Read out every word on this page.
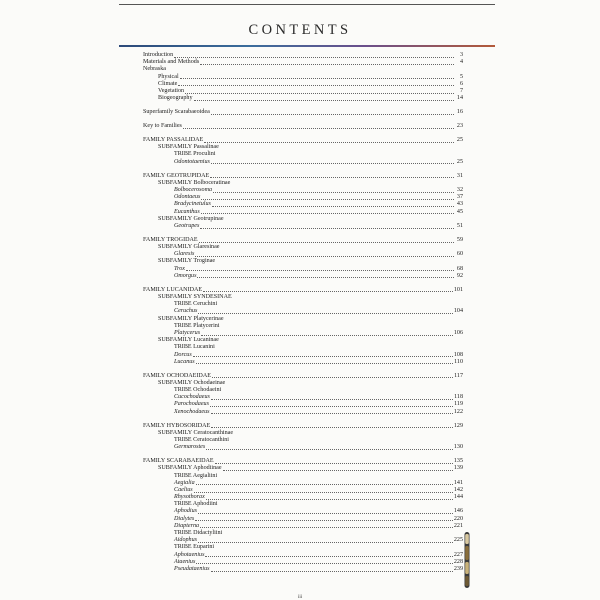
CONTENTS
Introduction	3
Materials and Methods	4
Nebraska
Physical	5
Climate	6
Vegetation	7
Biogeography	14
Superfamily Scarabaeoidea	16
Key to Families	23
FAMILY PASSALIDAE	25
SUBFAMILY Passalinae
TRIBE Proculini
Odontotaenius	25
FAMILY GEOTRUPIDAE	31
SUBFAMILY Bolboceratinae
Bolbocerosoma	32
Odontaeus	37
Bradycinetulus	43
Eucanthus	45
SUBFAMILY Geotrupinae
Geotrupes	51
FAMILY TROGIDAE	59
SUBFAMILY Glaresinae
Glaresis	60
SUBFAMILY Troginae
Trox	68
Omorgus	92
FAMILY LUCANIDAE	101
SUBFAMILY SYNDESINAE
TRIBE Ceruchini
Ceruchus	104
SUBFAMILY Platycerinae
TRIBE Platycerini
Platycerus	106
SUBFAMILY Lucaninae
TRIBE Lucanini
Dorcus	108
Lucanus	110
FAMILY OCHODAEIDAE	117
SUBFAMILY Ochodaeinae
TRIBE Ochodaeini
Cucochodaeus	118
Parochodaeus	119
Xenochodaeus	122
FAMILY HYBOSORIDAE	129
SUBFAMILY Ceratocanthinae
TRIBE Ceratocanthini
Germarostes	130
FAMILY SCARABAEIDAE	135
SUBFAMILY Aphodiinae	139
TRIBE Aegialiini
Aegialia	141
Caelius	142
Rhysothorax	144
TRIBE Aphodiini
Aphodius	146
Dialytes	220
Diapterna	221
TRIBE Didactyliini
Aidophus	225
TRIBE Euparini
Aphotaenius	227
Ataenius	228
Pseudataenius	239
iii
